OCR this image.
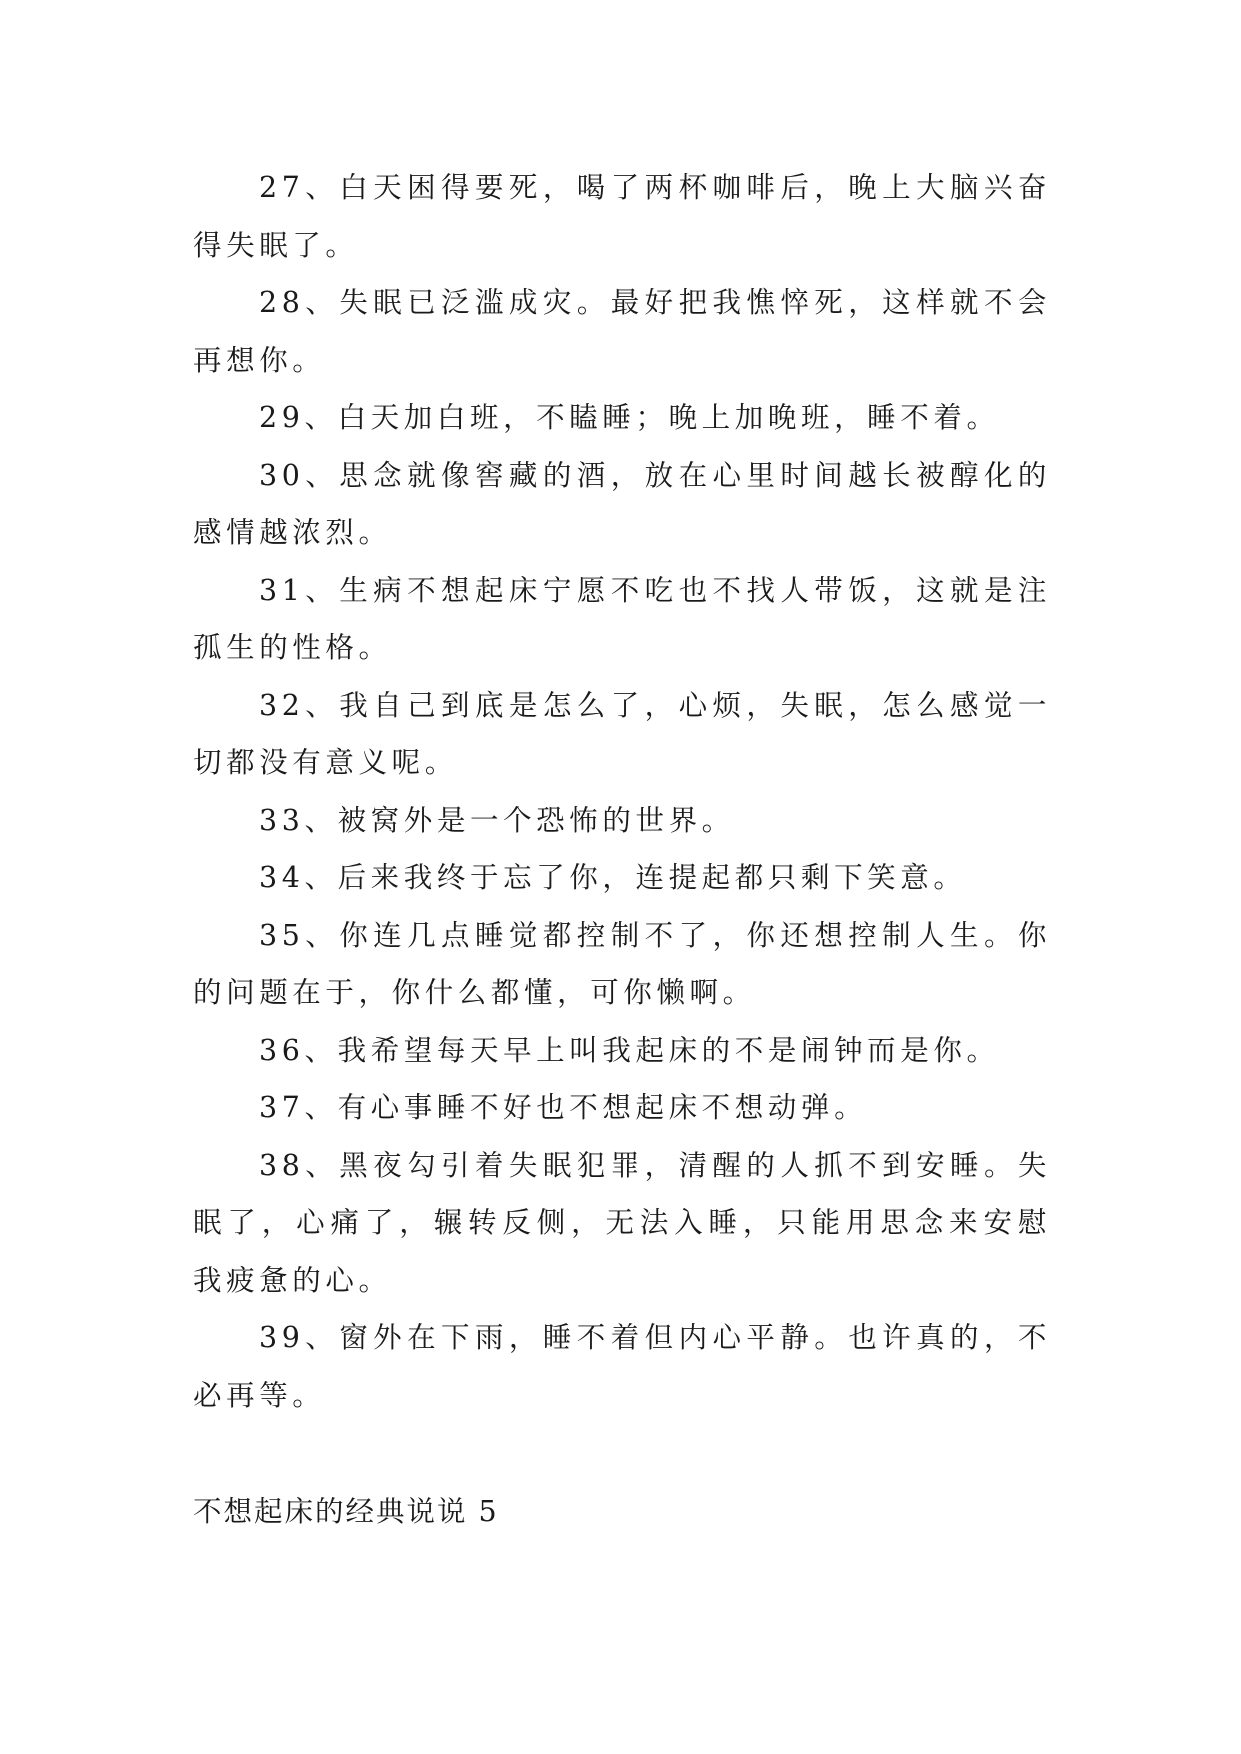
27、白天困得要死，喝了两杯咖啡后，晚上大脑兴奋得失眠了。

28、失眠已泛滥成灾。最好把我憔悴死，这样就不会再想你。

29、白天加白班，不瞌睡；晚上加晚班，睡不着。

30、思念就像窖藏的酒，放在心里时间越长被醇化的感情越浓烈。

31、生病不想起床宁愿不吃也不找人带饭，这就是注孤生的性格。

32、我自己到底是怎么了，心烦，失眠，怎么感觉一切都没有意义呢。

33、被窝外是一个恐怖的世界。

34、后来我终于忘了你，连提起都只剩下笑意。

35、你连几点睡觉都控制不了，你还想控制人生。你的问题在于，你什么都懂，可你懒啊。

36、我希望每天早上叫我起床的不是闹钟而是你。

37、有心事睡不好也不想起床不想动弹。

38、黑夜勾引着失眠犯罪，清醒的人抓不到安睡。失眠了，心痛了，辗转反侧，无法入睡，只能用思念来安慰我疲惫的心。

39、窗外在下雨，睡不着但内心平静。也许真的，不必再等。

不想起床的经典说说 5
